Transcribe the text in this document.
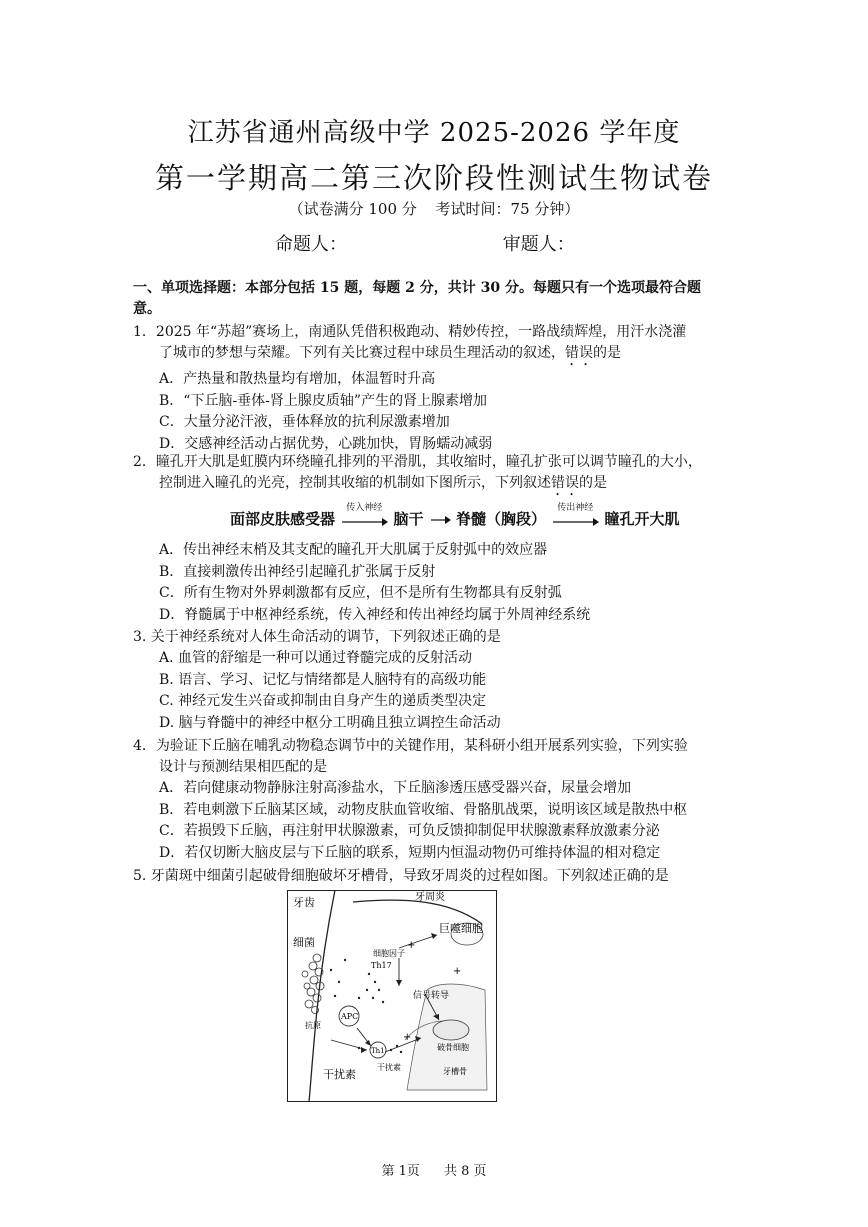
江苏省通州高级中学 2025-2026 学年度
第一学期高二第三次阶段性测试生物试卷
（试卷满分 100 分 考试时间：75 分钟）
命题人：	审题人：
一、单项选择题：本部分包括 15 题，每题 2 分，共计 30 分。每题只有一个选项最符合题
意。
1．2025 年“苏超”赛场上，南通队凭借积极跑动、精妙传控，一路战绩辉煌，用汗水浇灌
了城市的梦想与荣耀。下列有关比赛过程中球员生理活动的叙述，错误的是
A．产热量和散热量均有增加，体温暂时升高
B．“下丘脑-垂体-肾上腺皮质轴”产生的肾上腺素增加
C．大量分泌汗液，垂体释放的抗利尿激素增加
D．交感神经活动占据优势，心跳加快，胃肠蠕动减弱
2．瞳孔开大肌是虹膜内环绕瞳孔排列的平滑肌，其收缩时，瞳孔扩张可以调节瞳孔的大小，
控制进入瞳孔的光亮，控制其收缩的机制如下图所示，下列叙述错误的是
面部皮肤感受器
传入神经
脑干 脊髓（胸段）
传出神经
瞳孔开大肌
A．传出神经末梢及其支配的瞳孔开大肌属于反射弧中的效应器
B．直接刺激传出神经引起瞳孔扩张属于反射
C．所有生物对外界刺激都有反应，但不是所有生物都具有反射弧
D．脊髓属于中枢神经系统，传入神经和传出神经均属于外周神经系统
3. 关于神经系统对人体生命活动的调节，下列叙述正确的是
A. 血管的舒缩是一种可以通过脊髓完成的反射活动
B. 语言、学习、记忆与情绪都是人脑特有的高级功能
C. 神经元发生兴奋或抑制由自身产生的递质类型决定
D. 脑与脊髓中的神经中枢分工明确且独立调控生命活动
4．为验证下丘脑在哺乳动物稳态调节中的关键作用，某科研小组开展系列实验，下列实验
设计与预测结果相匹配的是
A．若向健康动物静脉注射高渗盐水，下丘脑渗透压感受器兴奋，尿量会增加
B．若电刺激下丘脑某区域，动物皮肤血管收缩、骨骼肌战栗，说明该区域是散热中枢
C．若损毁下丘脑，再注射甲状腺激素，可负反馈抑制促甲状腺激素释放激素分泌
D．若仅切断大脑皮层与下丘脑的联系，短期内恒温动物仍可维持体温的相对稳定
5. 牙菌斑中细菌引起破骨细胞破坏牙槽骨，导致牙周炎的过程如图。下列叙述正确的是
牙齿
细菌
牙周炎
巨噬细胞
细胞因子
Th17
信号转导
APC
抗原
Th1
干扰素
干扰素
破骨细胞
牙槽骨
+
+
+
第 1页 共 8 页
